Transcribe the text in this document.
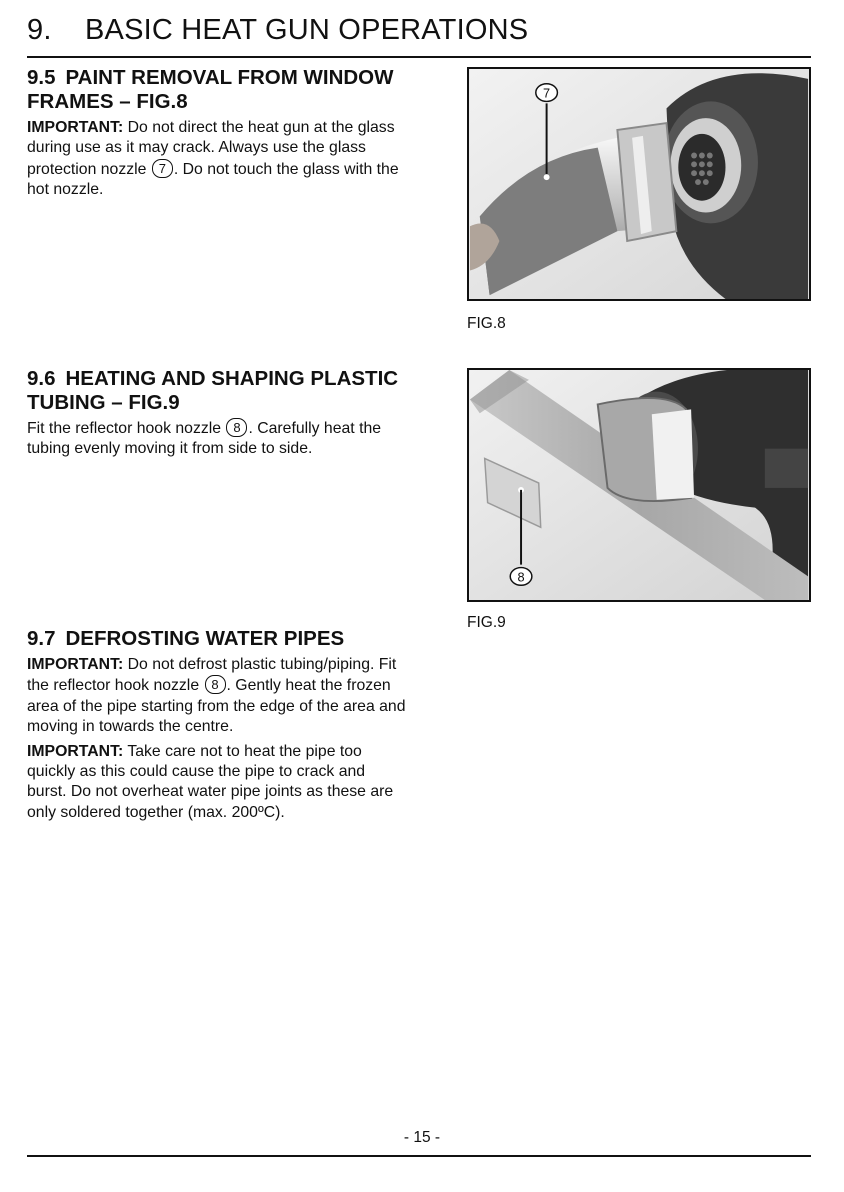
9. BASIC HEAT GUN OPERATIONS
9.5 PAINT REMOVAL FROM WINDOW
FRAMES – FIG.8
IMPORTANT: Do not direct the heat gun at the glass
during use as it may crack. Always use the glass
protection nozzle 7 . Do not touch the glass with the
hot nozzle.
7
FIG.8
9.6 HEATING AND SHAPING PLASTIC
TUBING – FIG.9
Fit the reflector hook nozzle 8 . Carefully heat the
tubing evenly moving it from side to side.
8
FIG.9
9.7 DEFROSTING WATER PIPES
IMPORTANT: Do not defrost plastic tubing/piping. Fit
the reflector hook nozzle 8 . Gently heat the frozen
area of the pipe starting from the edge of the area and
moving in towards the centre.
IMPORTANT: Take care not to heat the pipe too
quickly as this could cause the pipe to crack and
burst. Do not overheat water pipe joints as these are
only soldered together (max. 200ºC).
- 15 -
